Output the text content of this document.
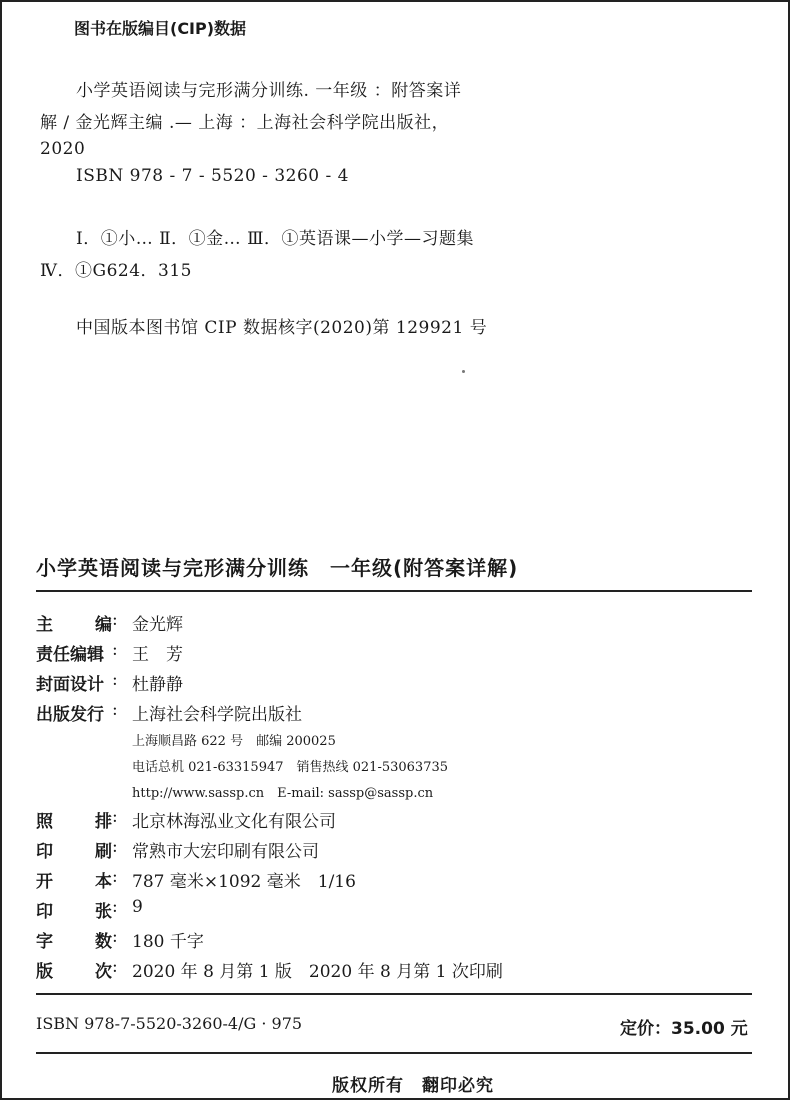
图书在版编目(CIP)数据
小学英语阅读与完形满分训练. 一年级 ：附答案详
解 / 金光辉主编 .— 上海 ：上海社会科学院出版社，
2020
ISBN 978 - 7 - 5520 - 3260 - 4
Ⅰ．①小… Ⅱ．①金… Ⅲ．①英语课—小学—习题集
Ⅳ．①G624．315
中国版本图书馆 CIP 数据核字(2020)第 129921 号
小学英语阅读与完形满分训练　一年级(附答案详解)
主 编 : 金光辉
责任编辑 : 王　芳
封面设计 : 杜静静
出版发行 : 上海社会科学院出版社
上海顺昌路 622 号　邮编 200025
电话总机 021-63315947　销售热线 021-53063735
http://www.sassp.cn　E-mail: sassp@sassp.cn
照 排 : 北京林海泓业文化有限公司
印 刷 : 常熟市大宏印刷有限公司
开 本 : 787 毫米×1092 毫米　1/16
印 张 : 9
字 数 : 180 千字
版 次 : 2020 年 8 月第 1 版　2020 年 8 月第 1 次印刷
ISBN 978-7-5520-3260-4/G · 975	定价：35.00 元
版权所有　翻印必究
